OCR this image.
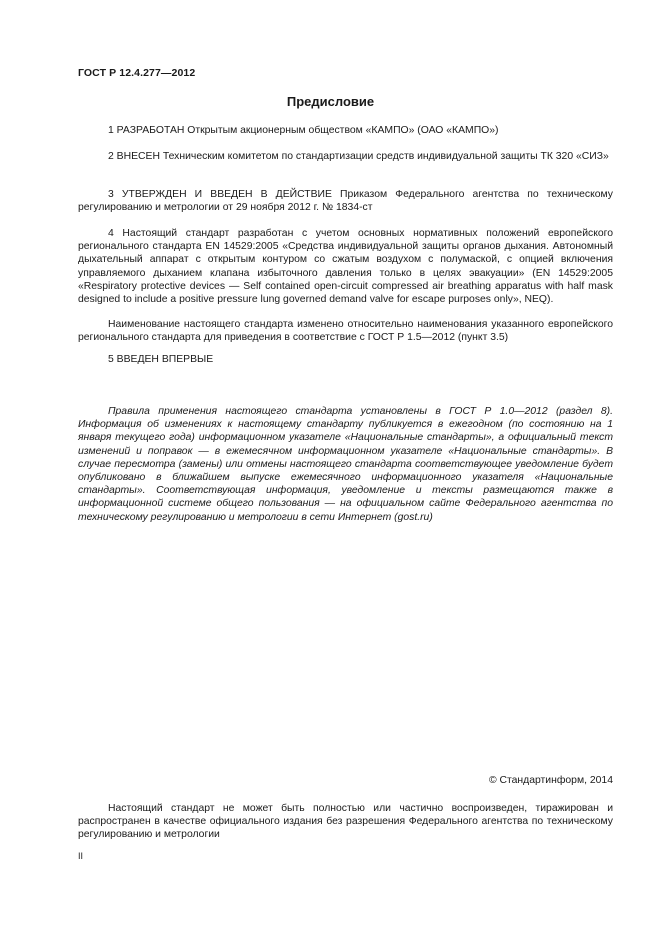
ГОСТ Р 12.4.277—2012
Предисловие

1 РАЗРАБОТАН Открытым акционерным обществом «КАМПО» (ОАО «КАМПО»)

2 ВНЕСЕН Техническим комитетом по стандартизации средств индивидуальной защиты ТК 320 «СИЗ»

3 УТВЕРЖДЕН И ВВЕДЕН В ДЕЙСТВИЕ Приказом Федерального агентства по техническому регулированию и метрологии от 29 ноября 2012 г. № 1834-ст

4 Настоящий стандарт разработан с учетом основных нормативных положений европейского регионального стандарта EN 14529:2005 «Средства индивидуальной защиты органов дыхания. Автономный дыхательный аппарат с открытым контуром со сжатым воздухом с полумаской, с опцией включения управляемого дыханием клапана избыточного давления только в целях эвакуации» (EN 14529:2005 «Respiratory protective devices — Self contained open-circuit compressed air breathing apparatus with half mask designed to include a positive pressure lung governed demand valve for escape purposes only», NEQ).

Наименование настоящего стандарта изменено относительно наименования указанного европейского регионального стандарта для приведения в соответствие с ГОСТ Р 1.5—2012 (пункт 3.5)

5 ВВЕДЕН ВПЕРВЫЕ

Правила применения настоящего стандарта установлены в ГОСТ Р 1.0—2012 (раздел 8). Информация об изменениях к настоящему стандарту публикуется в ежегодном (по состоянию на 1 января текущего года) информационном указателе «Национальные стандарты», а официальный текст изменений и поправок — в ежемесячном информационном указателе «Национальные стандарты». В случае пересмотра (замены) или отмены настоящего стандарта соответствующее уведомление будет опубликовано в ближайшем выпуске ежемесячного информационного указателя «Национальные стандарты». Соответствующая информация, уведомление и тексты размещаются также в информационной системе общего пользования — на официальном сайте Федерального агентства по техническому регулированию и метрологии в сети Интернет (gost.ru)

© Стандартинформ, 2014

Настоящий стандарт не может быть полностью или частично воспроизведен, тиражирован и распространен в качестве официального издания без разрешения Федерального агентства по техническому регулированию и метрологии

II
